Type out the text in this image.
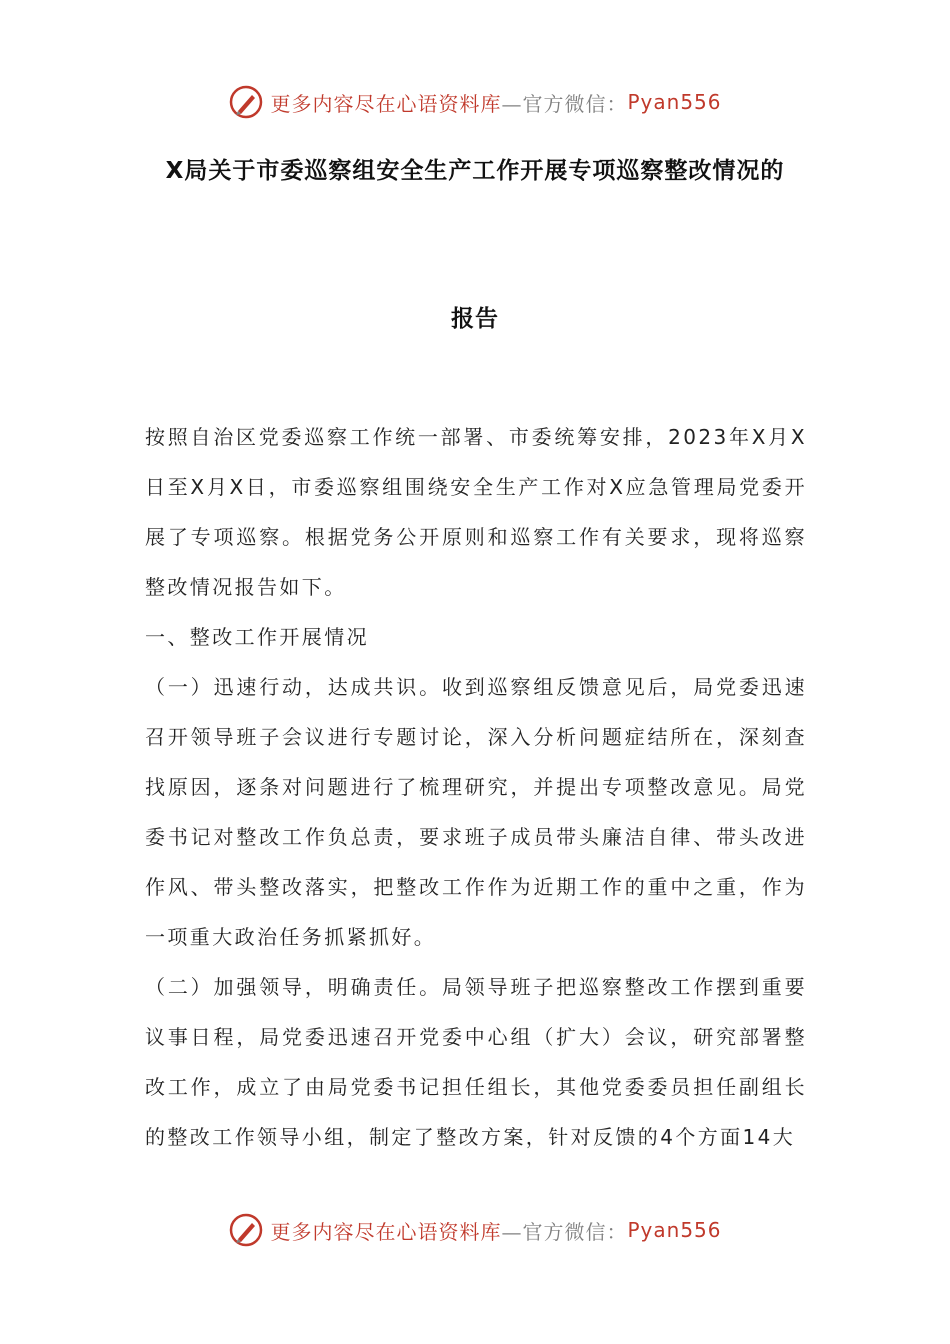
更多内容尽在心语资料库 —官方微信： Pyan556
X局关于市委巡察组安全生产工作开展专项巡察整改情况的
报告

按照自治区党委巡察工作统一部署、市委统筹安排，2023年X月X日至X月X日，市委巡察组围绕安全生产工作对X应急管理局党委开展了专项巡察。根据党务公开原则和巡察工作有关要求，现将巡察整改情况报告如下。

一、整改工作开展情况

（一）迅速行动，达成共识。收到巡察组反馈意见后，局党委迅速召开领导班子会议进行专题讨论，深入分析问题症结所在，深刻查找原因，逐条对问题进行了梳理研究，并提出专项整改意见。局党委书记对整改工作负总责，要求班子成员带头廉洁自律、带头改进作风、带头整改落实，把整改工作作为近期工作的重中之重，作为一项重大政治任务抓紧抓好。

（二）加强领导，明确责任。局领导班子把巡察整改工作摆到重要议事日程，局党委迅速召开党委中心组（扩大）会议，研究部署整改工作，成立了由局党委书记担任组长，其他党委委员担任副组长的整改工作领导小组，制定了整改方案，针对反馈的4个方面14大

更多内容尽在心语资料库 —官方微信： Pyan556
